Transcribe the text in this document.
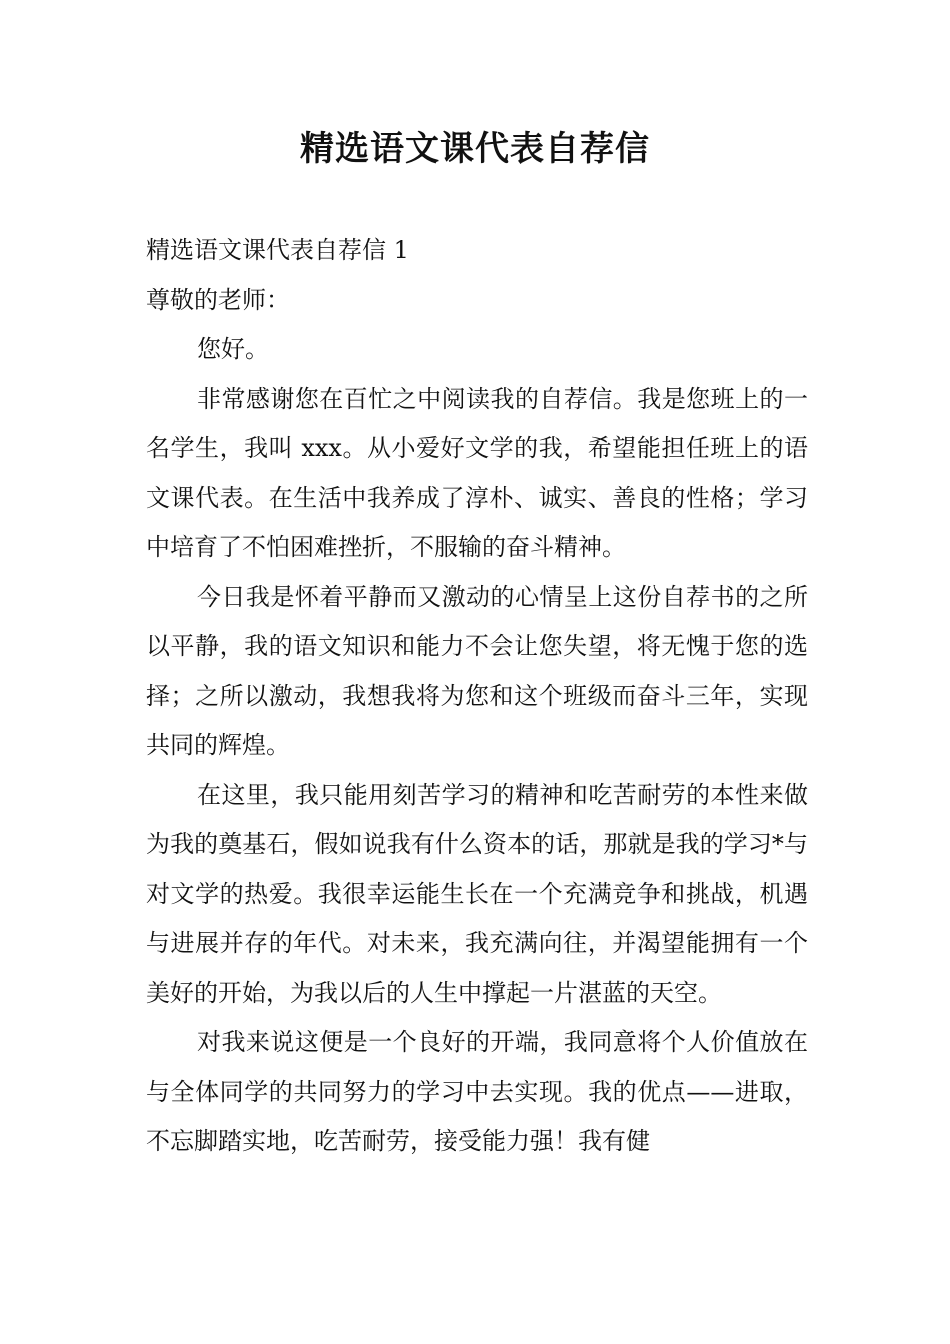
精选语文课代表自荐信

精选语文课代表自荐信 1

尊敬的老师：

您好。

非常感谢您在百忙之中阅读我的自荐信。我是您班上的一名学生，我叫 xxx。从小爱好文学的我，希望能担任班上的语文课代表。在生活中我养成了淳朴、诚实、善良的性格；学习中培育了不怕困难挫折，不服输的奋斗精神。

今日我是怀着平静而又激动的心情呈上这份自荐书的之所以平静，我的语文知识和能力不会让您失望，将无愧于您的选择；之所以激动，我想我将为您和这个班级而奋斗三年，实现共同的辉煌。

在这里，我只能用刻苦学习的精神和吃苦耐劳的本性来做为我的奠基石，假如说我有什么资本的话，那就是我的学习*与对文学的热爱。我很幸运能生长在一个充满竞争和挑战，机遇与进展并存的年代。对未来，我充满向往，并渴望能拥有一个美好的开始，为我以后的人生中撑起一片湛蓝的天空。

对我来说这便是一个良好的开端，我同意将个人价值放在与全体同学的共同努力的学习中去实现。我的优点——进取，不忘脚踏实地，吃苦耐劳，接受能力强！我有健
